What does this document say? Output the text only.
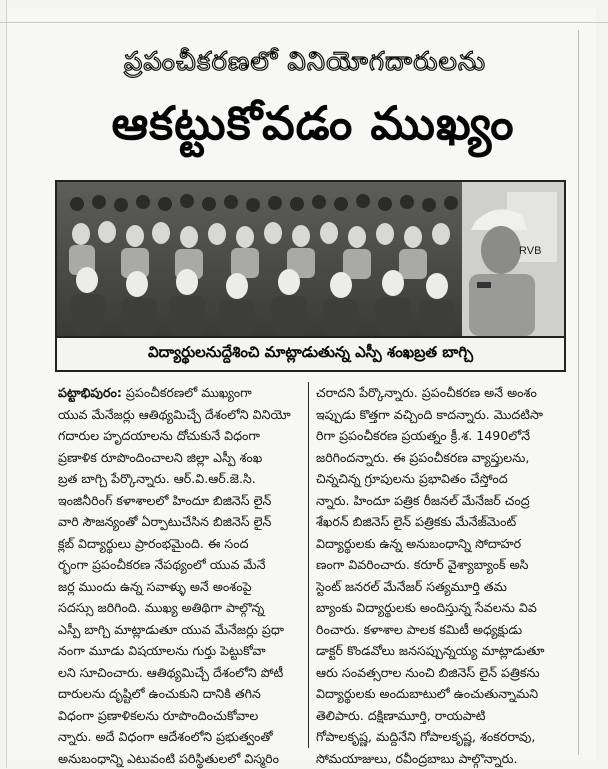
ప్రపంచీకరణలో వినియోగదారులను
ఆకట్టుకోవడం ముఖ్యం
RVB
విద్యార్థులనుద్దేశించి మాట్లాడుతున్న ఎస్పీ శంఖబ్రత బాగ్చి
పట్టాభిపురం: ప్రపంచీకరణలో ముఖ్యంగా
యువ మేనేజర్లు ఆతిథ్యమిచ్చే దేశంలోని వినియో
గదారుల హృదయాలను దోచుకునే విధంగా
ప్రణాళిక రూపొందించాలని జిల్లా ఎస్పీ శంఖ
బ్రత బాగ్చి పేర్కొన్నారు. ఆర్.వి.ఆర్.జె.సి.
ఇంజినీరింగ్ కళాశాలలో హిందూ బిజినెస్ లైన్
వారి సౌజన్యంతో ఏర్పాటుచేసిన బిజినెస్ లైన్
క్లబ్ విద్యార్థులు ప్రారంభమైంది. ఈ సంద
ర్భంగా ప్రపంచీకరణ నేపథ్యంలో యువ మేనే
జర్ల ముందు ఉన్న సవాళ్ళు అనే అంశంపై
సదస్సు జరిగింది. ముఖ్య అతిథిగా పాల్గొన్న
ఎస్పీ బాగ్చి మాట్లాడుతూ యువ మేనేజర్లు ప్రధా
నంగా మూడు విషయాలను గుర్తు పెట్టుకోవా
లని సూచించారు. ఆతిథ్యమిచ్చే దేశంలోని పోటీ
దారులను దృష్టిలో ఉంచుకుని దానికి తగిన
విధంగా ప్రణాళికలను రూపొందించుకోవాల
న్నారు. అదే విధంగా ఆదేశంలోని ప్రభుత్వంతో
అనుబంధాన్ని ఎటువంటి పరిస్థితులలో విస్మరిం
చరాదని పేర్కొన్నారు. ప్రపంచీకరణ అనే అంశం
ఇప్పుడు కొత్తగా వచ్చింది కాదన్నారు. మొదటిసా
రిగా ప్రపంచీకరణ ప్రయత్నం క్రీ.శ. 1490లోనే
జరిగిందన్నారు. ఈ ప్రపంచీకరణ వ్యాప్తులను,
చిన్నచిన్న గ్రూపులను ప్రభావితం చేస్తోంద
న్నారు. హిందూ పత్రిక రీజనల్ మేనేజర్ చంద్ర
శేఖరన్ బిజినెస్ లైన్ పత్రికకు మేనేజ్‌మెంట్
విద్యార్థులకు ఉన్న అనుబంధాన్ని సోదాహర
ణంగా వివరించారు. కరూర్ వైశ్యాబ్యాంక్ అసి
స్టెంట్ జనరల్ మేనేజర్ సత్యమూర్తి తమ
బ్యాంకు విద్యార్థులకు అందిస్తున్న సేవలను వివ
రించారు. కళాశాల పాలక కమిటీ అధ్యక్షుడు
డాక్టర్ కొండవోలు జనసప్పున్నయ్య మాట్లాడుతూ
ఆరు సంవత్సరాల నుంచి బిజినెస్ లైన్ పత్రికను
విద్యార్థులకు అందుబాటులో ఉంచుతున్నామని
తెలిపారు. దక్షిణామూర్తి, రాయపాటి
గోపాలకృష్ణ, మద్దినేని గోపాలకృష్ణ, శంకరరావు,
సోమయాజులు, రవీంద్రబాబు పాల్గొన్నారు.
